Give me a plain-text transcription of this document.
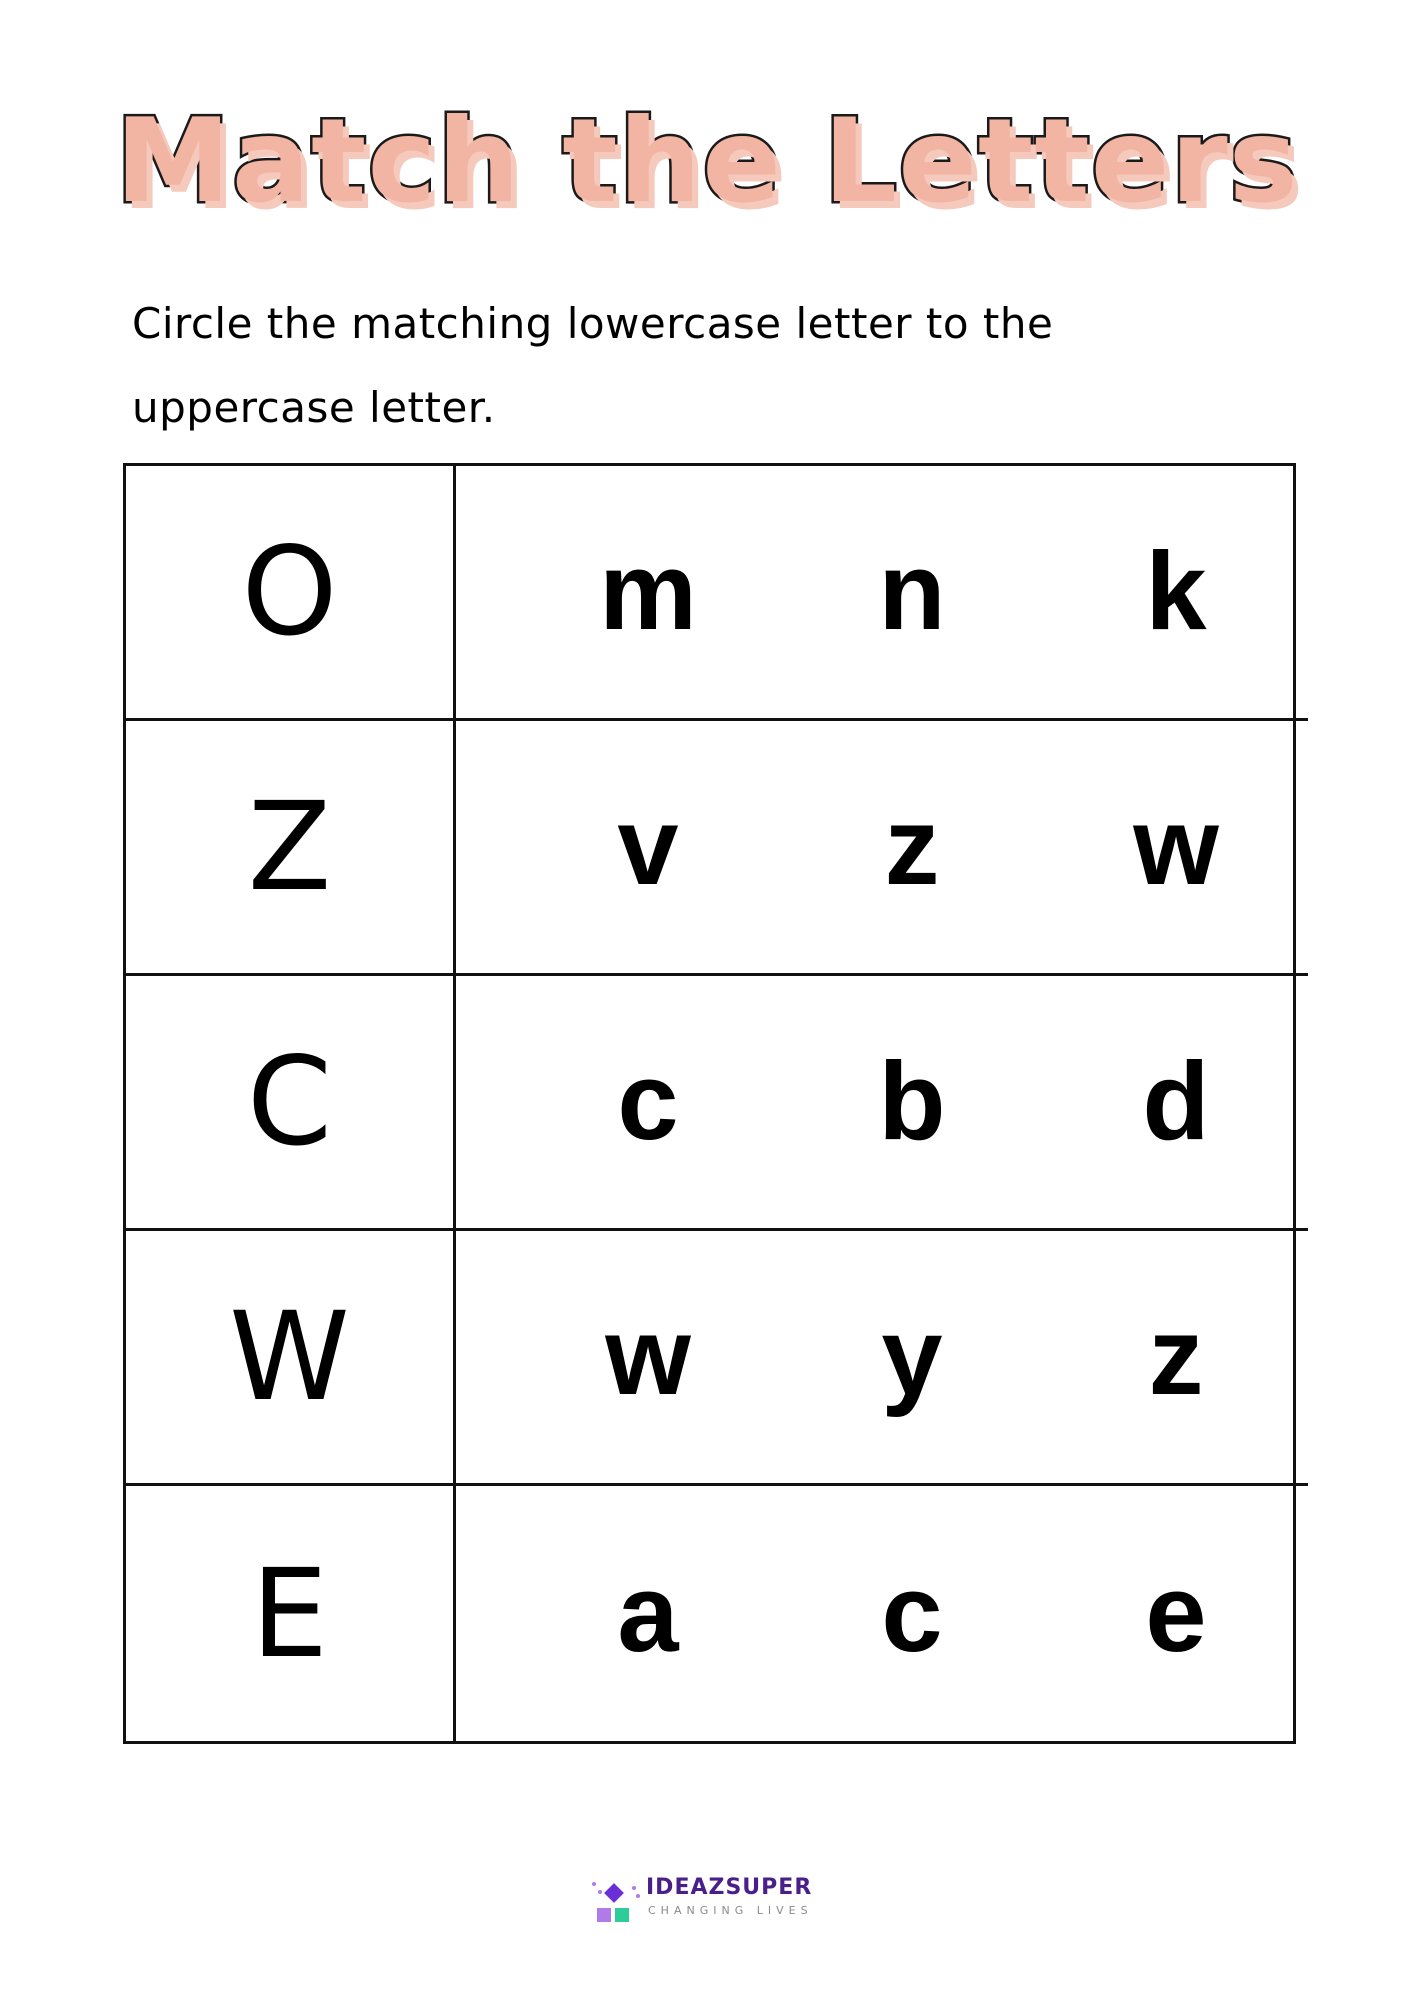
Match the Letters
Circle the matching lowercase letter to the uppercase letter.
O	m	n	k
Z	v	z	w
C	c	b	d
W	w	y	z
E	a	c	e
IDEAZSUPER
CHANGING LIVES
